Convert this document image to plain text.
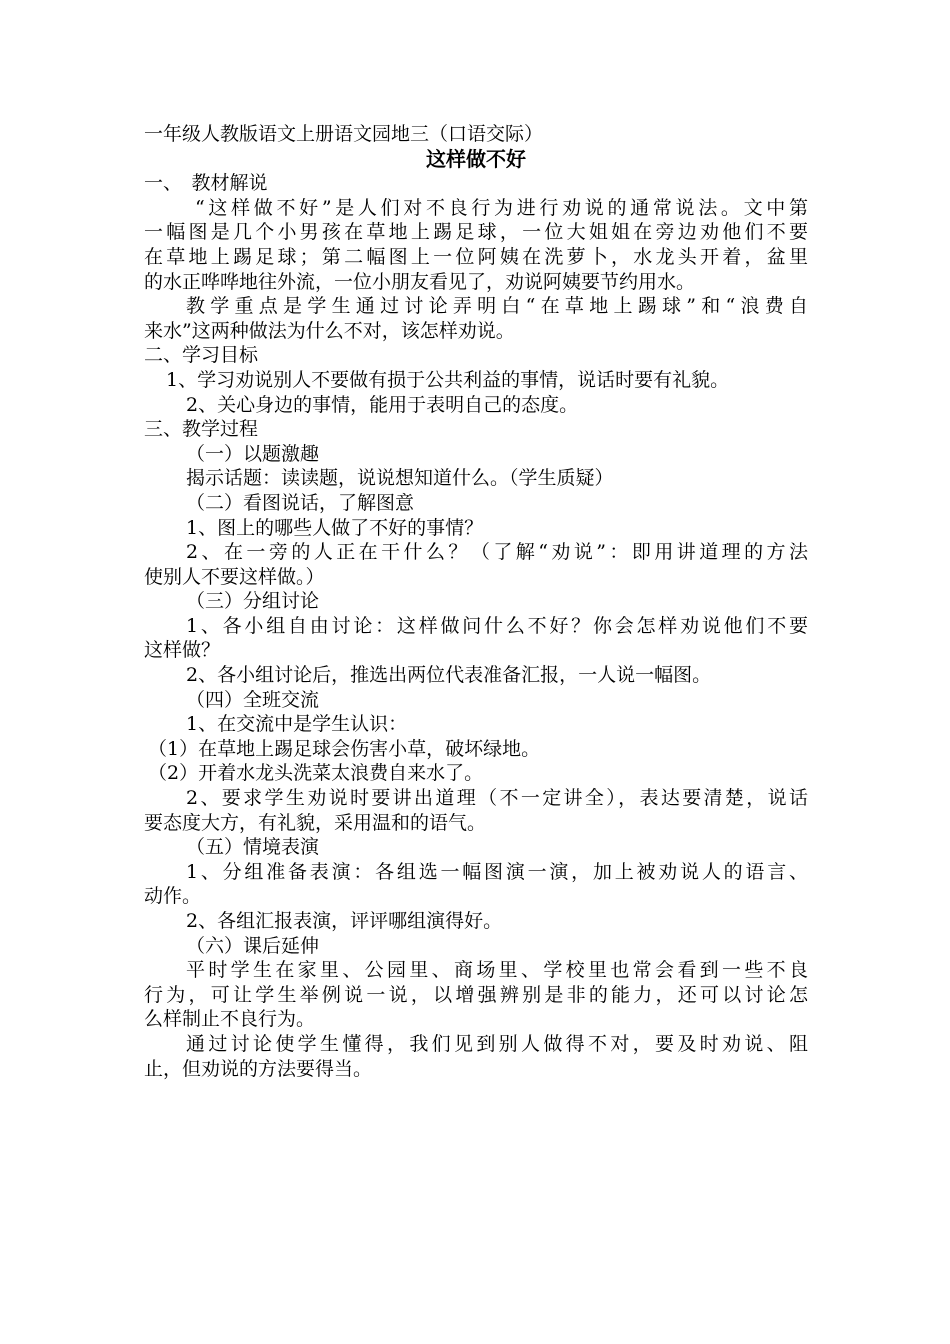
一年级人教版语文上册语文园地三（口语交际）
这样做不好
一、　教材解说
“这样做不好”是人们对不良行为进行劝说的通常说法。文中第
一幅图是几个小男孩在草地上踢足球，一位大姐姐在旁边劝他们不要
在草地上踢足球；第二幅图上一位阿姨在洗萝卜，水龙头开着，盆里
的水正哗哗地往外流，一位小朋友看见了，劝说阿姨要节约用水。
教学重点是学生通过讨论弄明白“在草地上踢球”和“浪费自
来水”这两种做法为什么不对，该怎样劝说。
二、学习目标
1、学习劝说别人不要做有损于公共利益的事情，说话时要有礼貌。
2、关心身边的事情，能用于表明自己的态度。
三、教学过程
（一）以题激趣
揭示话题：读读题，说说想知道什么。（学生质疑）
（二）看图说话，了解图意
1、图上的哪些人做了不好的事情？
2、在一旁的人正在干什么？（了解“劝说”：即用讲道理的方法
使别人不要这样做。）
（三）分组讨论
1、各小组自由讨论：这样做问什么不好？你会怎样劝说他们不要
这样做？
2、各小组讨论后，推选出两位代表准备汇报，一人说一幅图。
（四）全班交流
1、在交流中是学生认识：
（1）在草地上踢足球会伤害小草，破坏绿地。
（2）开着水龙头洗菜太浪费自来水了。
2、要求学生劝说时要讲出道理（不一定讲全），表达要清楚，说话
要态度大方，有礼貌，采用温和的语气。
（五）情境表演
1、分组准备表演：各组选一幅图演一演，加上被劝说人的语言、
动作。
2、各组汇报表演，评评哪组演得好。
（六）课后延伸
平时学生在家里、公园里、商场里、学校里也常会看到一些不良
行为，可让学生举例说一说，以增强辨别是非的能力，还可以讨论怎
么样制止不良行为。
通过讨论使学生懂得，我们见到别人做得不对，要及时劝说、阻
止，但劝说的方法要得当。
